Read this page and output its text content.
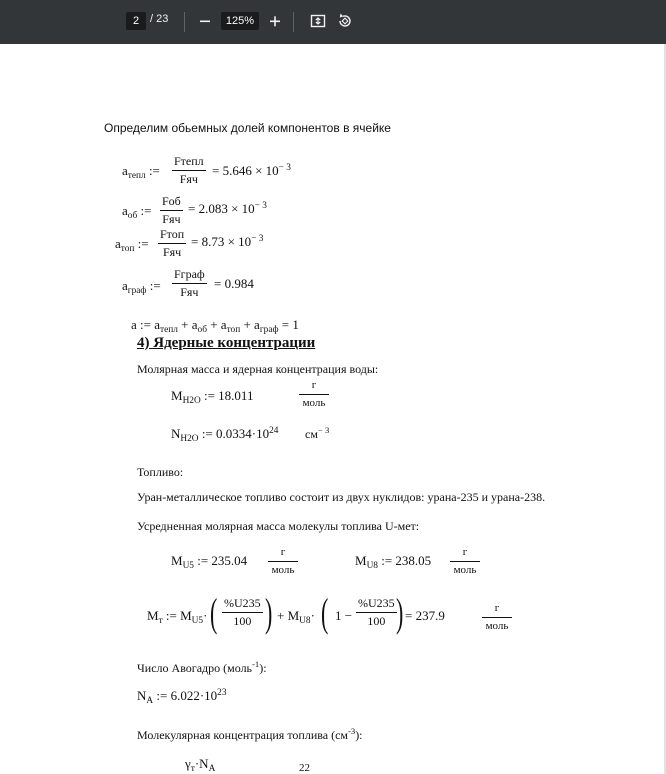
2 / 23	125%
Определим обьемных долей компонентов в ячейке
$a_{тепл}$ :=
Fтепл
Fяч
= $5.646 \times 10^{- 3}$
$a_{об}$ :=
Fоб
Fяч
= $2.083 \times 10^{- 3}$
$a_{топ}$ :=
Fтоп
Fяч
= $8.73 \times 10^{- 3}$
$a_{граф}$ :=
Fграф
Fяч
= 0.984
a := $a_{тепл} + a_{об} + a_{топ} + a_{граф} = 1$
4) Ядерные концентрации
Молярная масса и ядерная концентрация воды:
$M_{H2O}$ := 18.011
г
моль
$N_{H2O}$ := $0.0334\cdot 10^{24}$ $см^{- 3}$
Топливо:
Уран-металлическое топливо состоит из двух нуклидов: урана-235 и урана-238.
Усредненная молярная масса молекулы топлива U-мет:
$M_{U5}$ := 235.04
г
моль
$M_{U8}$ := 238.05
г
моль
$M_т$ := $M_{U5}\cdot$ ( %U235
100 ) + $M_{U8}\cdot$ ( 1 −
%U235
100 ) = 237.9	г
моль
Число Авогадро (моль$^{-1}$):
$N_A$ := $6.022\cdot 10^{23}$
Молекулярная концентрация топлива $(см^{-3})$:
$\gamma_т\cdot N_A$	22
